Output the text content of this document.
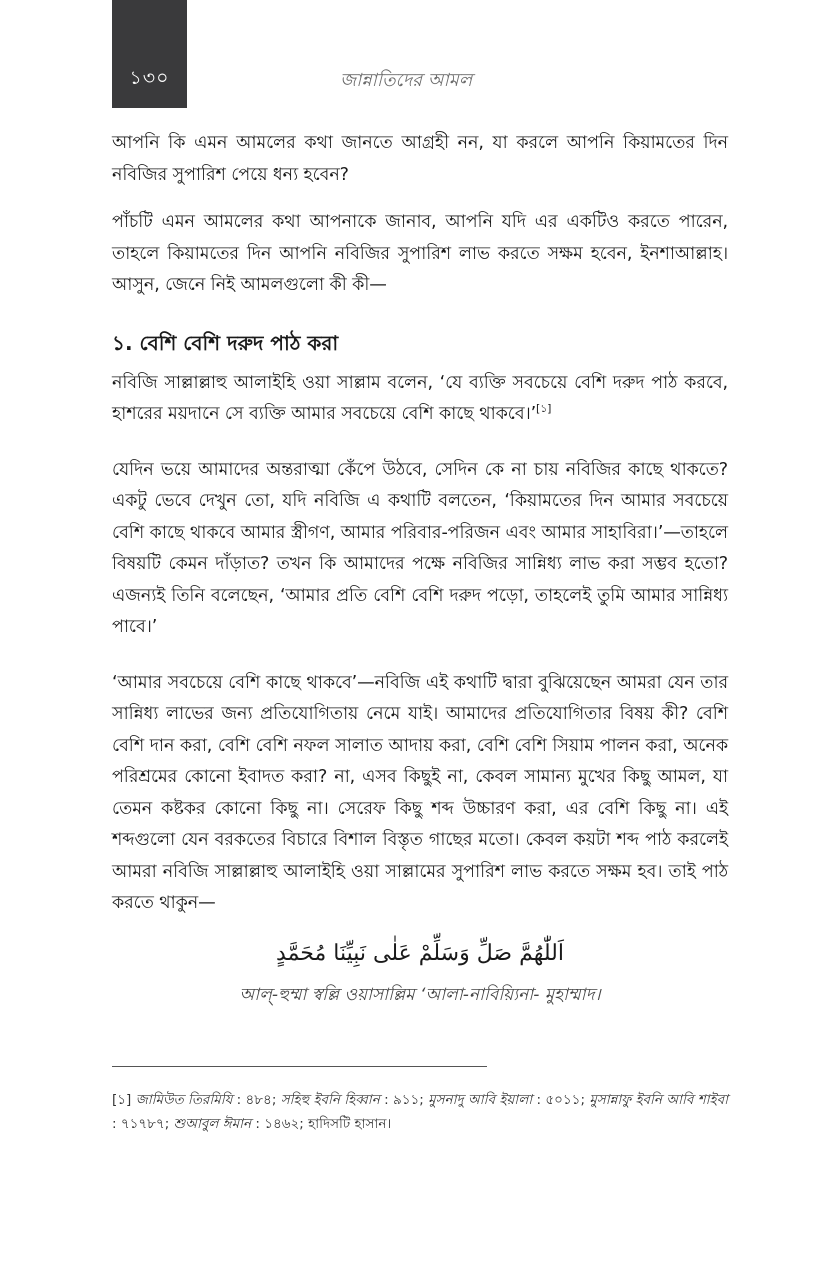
১৩০	জান্নাতিদের আমল

আপনি কি এমন আমলের কথা জানতে আগ্রহী নন, যা করলে আপনি কিয়ামতের দিন নবিজির সুপারিশ পেয়ে ধন্য হবেন?

পাঁচটি এমন আমলের কথা আপনাকে জানাব, আপনি যদি এর একটিও করতে পারেন, তাহলে কিয়ামতের দিন আপনি নবিজির সুপারিশ লাভ করতে সক্ষম হবেন, ইনশাআল্লাহ। আসুন, জেনে নিই আমলগুলো কী কী—

১. বেশি বেশি দরুদ পাঠ করা

নবিজি সাল্লাল্লাহু আলাইহি ওয়া সাল্লাম বলেন, ‘যে ব্যক্তি সবচেয়ে বেশি দরুদ পাঠ করবে, হাশরের ময়দানে সে ব্যক্তি আমার সবচেয়ে বেশি কাছে থাকবে।’[১]

যেদিন ভয়ে আমাদের অন্তরাত্মা কেঁপে উঠবে, সেদিন কে না চায় নবিজির কাছে থাকতে? একটু ভেবে দেখুন তো, যদি নবিজি এ কথাটি বলতেন, ‘কিয়ামতের দিন আমার সবচেয়ে বেশি কাছে থাকবে আমার স্ত্রীগণ, আমার পরিবার-পরিজন এবং আমার সাহাবিরা।’—তাহলে বিষয়টি কেমন দাঁড়াত? তখন কি আমাদের পক্ষে নবিজির সান্নিধ্য লাভ করা সম্ভব হতো? এজন্যই তিনি বলেছেন, ‘আমার প্রতি বেশি বেশি দরুদ পড়ো, তাহলেই তুমি আমার সান্নিধ্য পাবে।’

‘আমার সবচেয়ে বেশি কাছে থাকবে’—নবিজি এই কথাটি দ্বারা বুঝিয়েছেন আমরা যেন তার সান্নিধ্য লাভের জন্য প্রতিযোগিতায় নেমে যাই। আমাদের প্রতিযোগিতার বিষয় কী? বেশি বেশি দান করা, বেশি বেশি নফল সালাত আদায় করা, বেশি বেশি সিয়াম পালন করা, অনেক পরিশ্রমের কোনো ইবাদত করা? না, এসব কিছুই না, কেবল সামান্য মুখের কিছু আমল, যা তেমন কষ্টকর কোনো কিছু না। সেরেফ কিছু শব্দ উচ্চারণ করা, এর বেশি কিছু না। এই শব্দগুলো যেন বরকতের বিচারে বিশাল বিস্তৃত গাছের মতো। কেবল কয়টা শব্দ পাঠ করলেই আমরা নবিজি সাল্লাল্লাহু আলাইহি ওয়া সাল্লামের সুপারিশ লাভ করতে সক্ষম হব। তাই পাঠ করতে থাকুন—

اَللّٰهُمَّ صَلِّ وَسَلِّمْ عَلٰى نَبِيِّنَا مُحَمَّدٍ

আল্-হুম্মা স্বল্লি ওয়াসাল্লিম ‘আলা-নাবিয়্যিনা- মুহাম্মাদ।

[১] জামিউত তিরমিযি : ৪৮৪; সহিহু ইবনি হিব্বান : ৯১১; মুসনাদু আবি ইয়ালা : ৫০১১; মুসান্নাফু ইবনি আবি শাইবা : ৭১৭৮৭; শুআবুল ঈমান : ১৪৬২; হাদিসটি হাসান।
